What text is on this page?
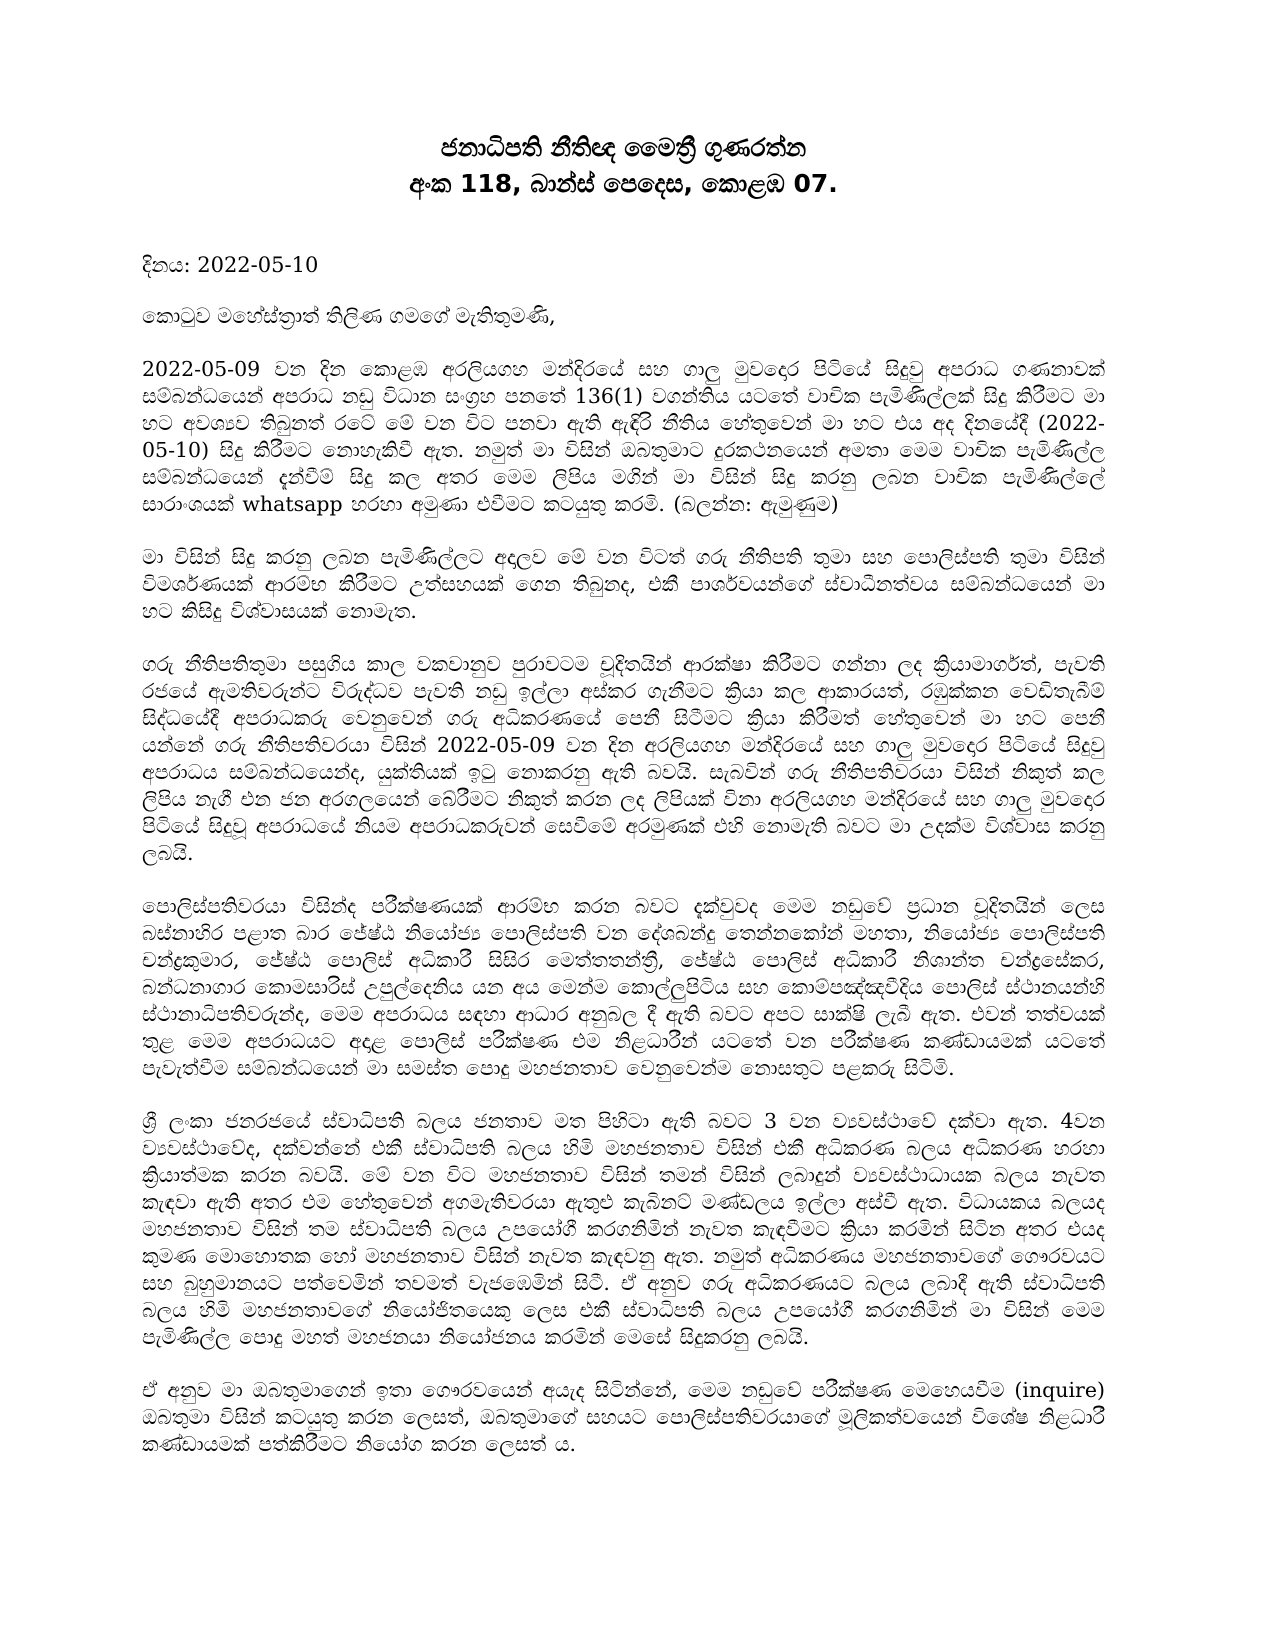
ජනාධිපති නීතිඥ මෛත්‍රී ගුණරත්න
අංක 118, බාන්ස් පෙදෙස, කොළඹ 07.
දිනය: 2022-05-10
කොටුව මහේස්ත්‍රාත් තිලිණ ගමගේ මැතිතුමණි,

2022-05-09 වන දින කොළඹ අරලියගහ මන්දිරයේ සහ ගාලු මුවදොර පිටියේ සිදුවු අපරාධ ගණනාවක් සම්බන්ධයෙන් අපරාධ නඩු විධාන සංග්‍රහ පනතේ 136(1) වගන්තිය යටතේ වාචික පැමිණිල්ලක් සිදු කිරීමට මා හට අවශ්‍යව තිබුනත් රටේ මේ වන විට පනවා ඇති ඇඳිරි නීතිය හේතුවෙන් මා හට එය අද දිනයේදී (2022-05-10) සිදු කිරීමට නොහැකිවී ඇත. නමුත් මා විසින් ඔබතුමාට දුරකථනයෙන් අමතා මෙම වාචික පැමිණිල්ල සම්බන්ධයෙන් දැන්වීම් සිදු කල අතර මෙම ලිපිය මගින් මා විසින් සිදු කරනු ලබන වාචික පැමිණිල්ලේ සාරාංශයක් whatsapp හරහා අමුණා එවීමට කටයුතු කරමි. (බලන්න: ඇමුණුම)

මා විසින් සිදු කරනු ලබන පැමිණිල්ලට අදාලව මේ වන විටත් ගරු නීතිපති තුමා සහ පොලිස්පති තුමා විසින් විමර්ශණයක් ආරම්භ කිරීමට උත්සහයක් ගෙන තිබුනද, එකී පාර්ශවයන්ගේ ස්වාධීනත්වය සම්බන්ධයෙන් මා හට කිසිදු විශ්වාසයක් නොමැත.

ගරු නීතිපතිතුමා පසුගිය කාල වකවානුව පුරාවටම චූදිතයින් ආරක්ෂා කිරීමට ගන්නා ලද ක්‍රියාමාර්ගත්, පැවති රජයේ ඇමතිවරුන්ට විරුද්ධව පැවති නඩු ඉල්ලා අස්කර ගැනීමට ක්‍රියා කල ආකාරයත්, රඹුක්කන වෙඩිතැබීම් සිද්ධයේදී අපරාධකරු වෙනුවෙන් ගරු අධිකරණයේ පෙනී සිටීමට ක්‍රියා කිරීමත් හේතුවෙන් මා හට පෙනී යන්නේ ගරු නීතිපතිවරයා විසින් 2022-05-09 වන දින අරලියගහ මන්දිරයේ සහ ගාලු මුවදොර පිටියේ සිදුවු අපරාධය සම්බන්ධයෙන්ද, යුක්තියක් ඉටු නොකරනු ඇති බවයි. සැබවින් ගරු නීතිපතිවරයා විසින් නිකුත් කල ලිපිය නැගී එන ජන අරගලයෙන් බේරීමට නිකුත් කරන ලද ලිපියක් විනා අරලියගහ මන්දිරයේ සහ ගාලු මුවදොර පිටියේ සිදුවූ අපරාධයේ නියම අපරාධකරුවන් සෙවීමේ අරමුණක් එහි නොමැති බවට මා උදක්ම විශ්වාස කරනු ලබයි.

පොලිස්පතිවරයා විසින්ද පරීක්ෂණයක් ආරම්භ කරන බවට දැක්වුවද මෙම නඩුවේ ප්‍රධාන චූදිතයින් ලෙස බස්නාහිර පළාත බාර ජේෂ්ඨ නියෝජ්‍ය පොලිස්පති වන දේශබන්දු තෙන්නකෝන් මහතා, නියෝජ්‍ය පොලිස්පති චන්ද්‍රකුමාර, ජේෂ්ඨ පොලිස් අධිකාරී සිසිර මෙත්තතන්ත්‍රී, ජේෂ්ඨ පොලිස් අධිකාරී නිශාන්ත චන්ද්‍රසේකර, බන්ධනාගාර කොමසාරිස් උපුල්දෙනිය යන අය මෙන්ම කොල්ලුපිටිය සහ කොම්පඤ්ඤවීදිය පොලිස් ස්ථානයන්හි ස්ථානාධිපතිවරුන්ද, මෙම අපරාධය සඳහා ආධාර අනුබල දී ඇති බවට අපට සාක්ෂි ලැබී ඇත. එවන් තත්වයක් තුළ මෙම අපරාධයට අදාළ පොලිස් පරීක්ෂණ එම නිළධාරීන් යටතේ වන පරීක්ෂණ කණ්ඩායමක් යටතේ පැවැත්වීම සම්බන්ධයෙන් මා සමස්ත පොදු මහජනතාව වෙනුවෙන්ම නොසතුට පළකරු සිටිමි.

ශ්‍රී ලංකා ජනරජයේ ස්වාධිපති බලය ජනතාව මත පිහිටා ඇති බවට 3 වන ව්‍යවස්ථාවේ දක්වා ඇත. 4වන ව්‍යවස්ථාවේද, දක්වන්නේ එකී ස්වාධිපති බලය හිමි මහජනතාව විසින් එකී අධිකරණ බලය අධිකරණ හරහා ක්‍රියාත්මක කරන බවයි. මේ වන විට මහජනතාව විසින් තමන් විසින් ලබාදුන් ව්‍යවස්ථාධායක බලය නැවත කැඳවා ඇති අතර එම හේතුවෙන් අගමැතිවරයා ඇතුළු කැබිනට් මණ්ඩලය ඉල්ලා අස්වී ඇත. විධායකය බලයද මහජනතාව විසින් තම ස්වාධිපති බලය උපයෝගී කරගනිමින් නැවත කැඳවීමට ක්‍රියා කරමින් සිටින අතර එයද කුමණ මොහොතක හෝ මහජනතාව විසින් නැවත කැඳවනු ඇත. නමුත් අධිකරණය මහජනතාවගේ ගෞරවයට සහ බුහුමානයට පත්වෙමින් තවමත් වැජඹෙමින් සිටී. ඒ අනුව ගරු අධිකරණයට බලය ලබාදී ඇති ස්වාධිපති බලය හිමි මහජනතාවගේ නියෝජිතයෙකු ලෙස එකී ස්වාධිපති බලය උපයෝගී කරගනිමින් මා විසින් මෙම පැමිණිල්ල පොදු මහත් මහජනයා නියෝජනය කරමින් මෙසේ සිදුකරනු ලබයි.

ඒ අනුව මා ඔබතුමාගෙන් ඉතා ගෞරවයෙන් අයැද සිටින්නේ, මෙම නඩුවේ පරීක්ෂණ මෙහෙයවීම (inquire) ඔබතුමා විසින් කටයුතු කරන ලෙසත්, ඔබතුමාගේ සහයට පොලිස්පතිවරයාගේ මූලිකත්වයෙන් විශේෂ නිළධාරී කණ්ඩායමක් පත්කිරීමට නියෝග කරන ලෙසත් ය.
